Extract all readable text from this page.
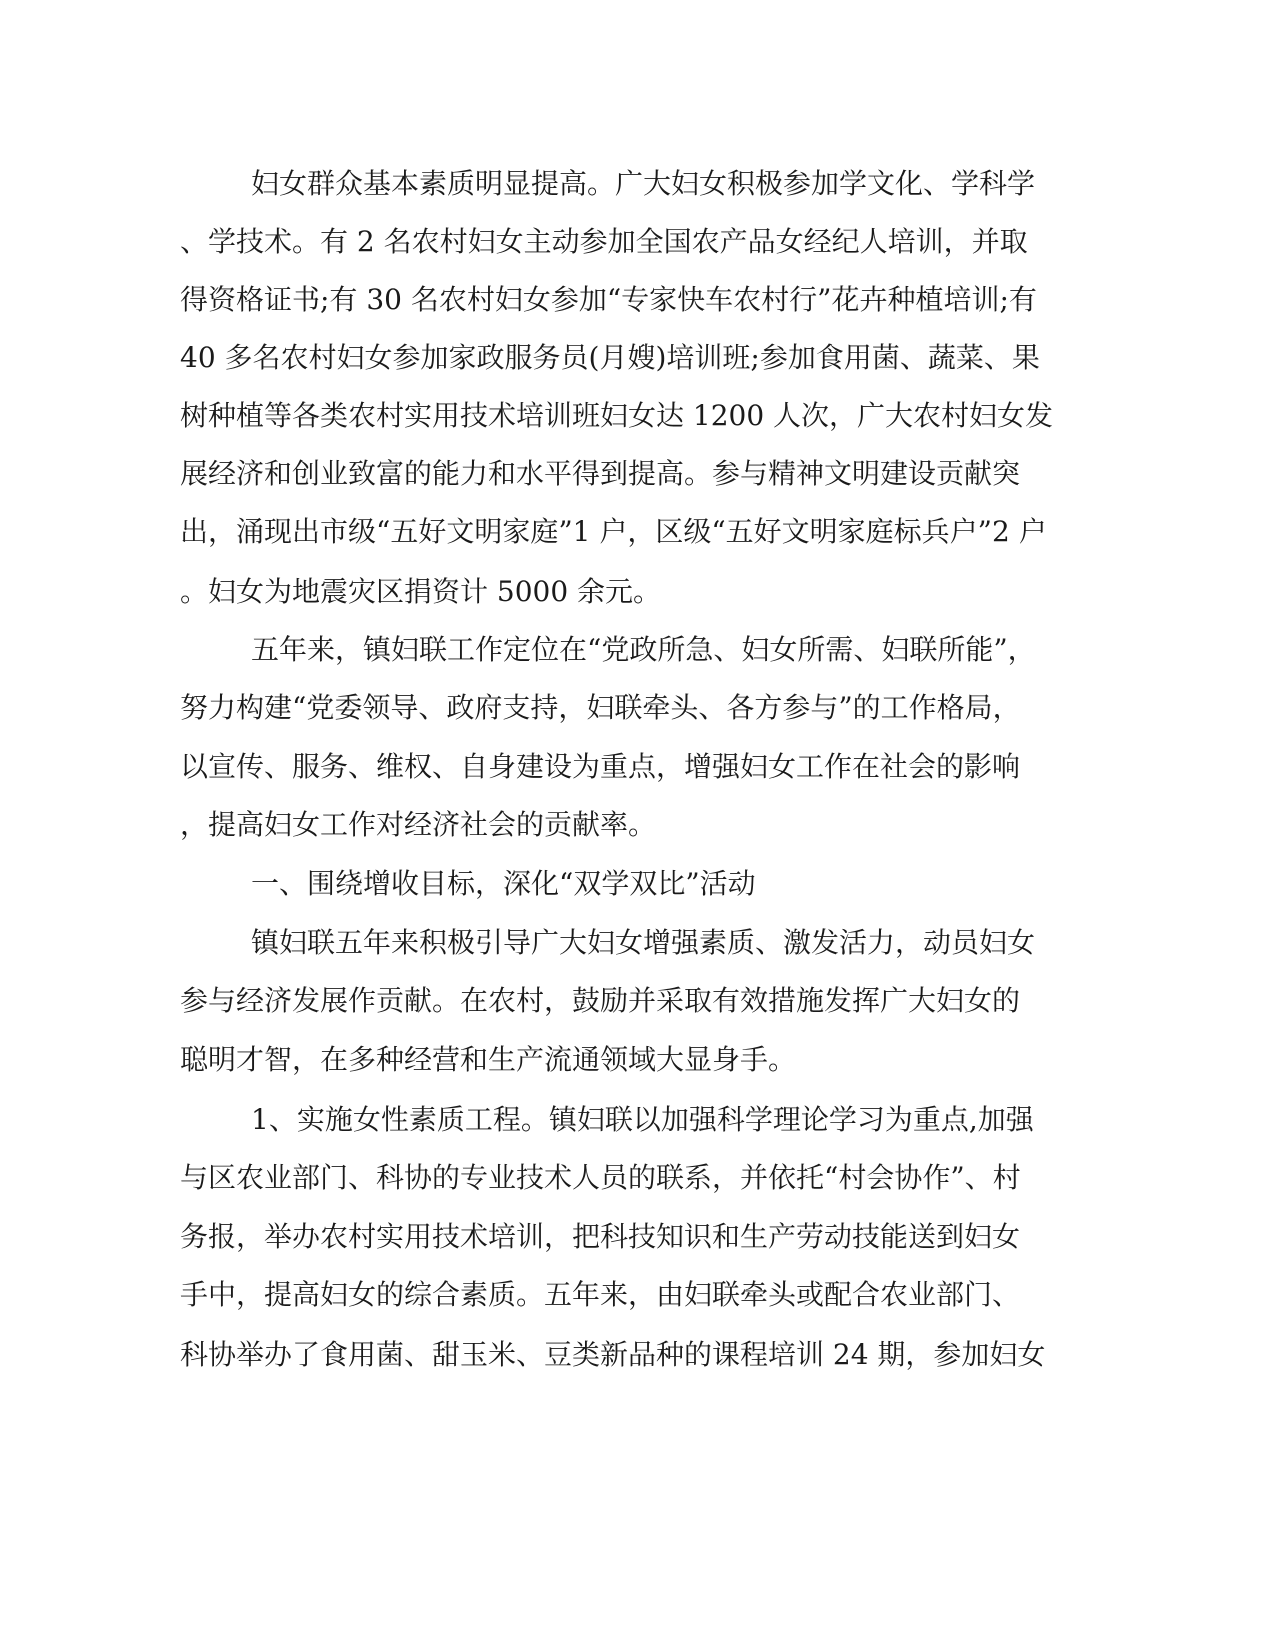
妇女群众基本素质明显提高。广大妇女积极参加学文化、学科学
、学技术。有 2 名农村妇女主动参加全国农产品女经纪人培训，并取
得资格证书;有 30 名农村妇女参加“专家快车农村行”花卉种植培训;有
40 多名农村妇女参加家政服务员(月嫂)培训班;参加食用菌、蔬菜、果
树种植等各类农村实用技术培训班妇女达 1200 人次，广大农村妇女发
展经济和创业致富的能力和水平得到提高。参与精神文明建设贡献突
出，涌现出市级“五好文明家庭”1 户，区级“五好文明家庭标兵户”2 户
。妇女为地震灾区捐资计 5000 余元。
五年来，镇妇联工作定位在“党政所急、妇女所需、妇联所能”，
努力构建“党委领导、政府支持，妇联牵头、各方参与”的工作格局，
以宣传、服务、维权、自身建设为重点，增强妇女工作在社会的影响
，提高妇女工作对经济社会的贡献率。
一、围绕增收目标，深化“双学双比”活动
镇妇联五年来积极引导广大妇女增强素质、激发活力，动员妇女
参与经济发展作贡献。在农村，鼓励并采取有效措施发挥广大妇女的
聪明才智，在多种经营和生产流通领域大显身手。
1、实施女性素质工程。镇妇联以加强科学理论学习为重点,加强
与区农业部门、科协的专业技术人员的联系，并依托“村会协作”、村
务报，举办农村实用技术培训，把科技知识和生产劳动技能送到妇女
手中，提高妇女的综合素质。五年来，由妇联牵头或配合农业部门、
科协举办了食用菌、甜玉米、豆类新品种的课程培训 24 期，参加妇女
